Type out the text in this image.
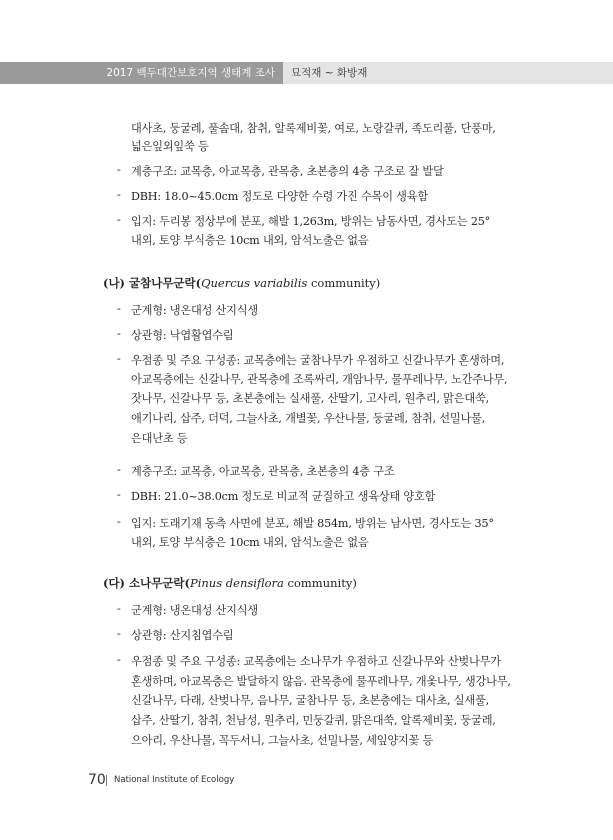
2017 백두대간보호지역 생태계 조사	묘적재 ~ 화방재
대사초, 둥굴레, 풀솜대, 참취, 알록제비꽃, 여로, 노랑갈퀴, 족도리풀, 단풍마,
넓은잎외잎쑥 등
- 계층구조: 교목층, 아교목층, 관목층, 초본층의 4층 구조로 잘 발달
- DBH: 18.0~45.0cm 정도로 다양한 수령 가진 수목이 생육함
- 입지: 두리봉 정상부에 분포, 해발 1,263m, 방위는 남동사면, 경사도는 25°
내외, 토양 부식층은 10cm 내외, 암석노출은 없음
(나) 굴참나무군락(Quercus variabilis community)
- 군계형: 냉온대성 산지식생
- 상관형: 낙엽활엽수림
- 우점종 및 주요 구성종: 교목층에는 굴참나무가 우점하고 신갈나무가 혼생하며,
아교목층에는 신갈나무, 관목층에 조록싸리, 개암나무, 물푸레나무, 노간주나무,
잣나무, 신갈나무 등, 초본층에는 실새풀, 산딸기, 고사리, 원추리, 맑은대쑥,
애기나리, 삽주, 더덕, 그늘사초, 개별꽃, 우산나물, 둥굴레, 참취, 선밀나물,
은대난초 등
- 계층구조: 교목층, 아교목층, 관목층, 초본층의 4층 구조
- DBH: 21.0~38.0cm 정도로 비교적 균질하고 생육상태 양호함
- 입지: 도래기재 동측 사면에 분포, 해발 854m, 방위는 남사면, 경사도는 35°
내외, 토양 부식층은 10cm 내외, 암석노출은 없음
(다) 소나무군락(Pinus densiflora community)
- 군계형: 냉온대성 산지식생
- 상관형: 산지침엽수림
- 우점종 및 주요 구성종: 교목층에는 소나무가 우점하고 신갈나무와 산벚나무가
혼생하며, 아교목층은 발달하지 않음. 관목층에 물푸레나무, 개옻나무, 생강나무,
신갈나무, 다래, 산벚나무, 음나무, 굴참나무 등, 초본층에는 대사초, 실새풀,
삽주, 산딸기, 참취, 천남성, 원추리, 민둥갈퀴, 맑은대쑥, 알록제비꽃, 둥굴레,
으아리, 우산나물, 꼭두서니, 그늘사초, 선밀나물, 세잎양지꽃 등
70 National Institute of Ecology
